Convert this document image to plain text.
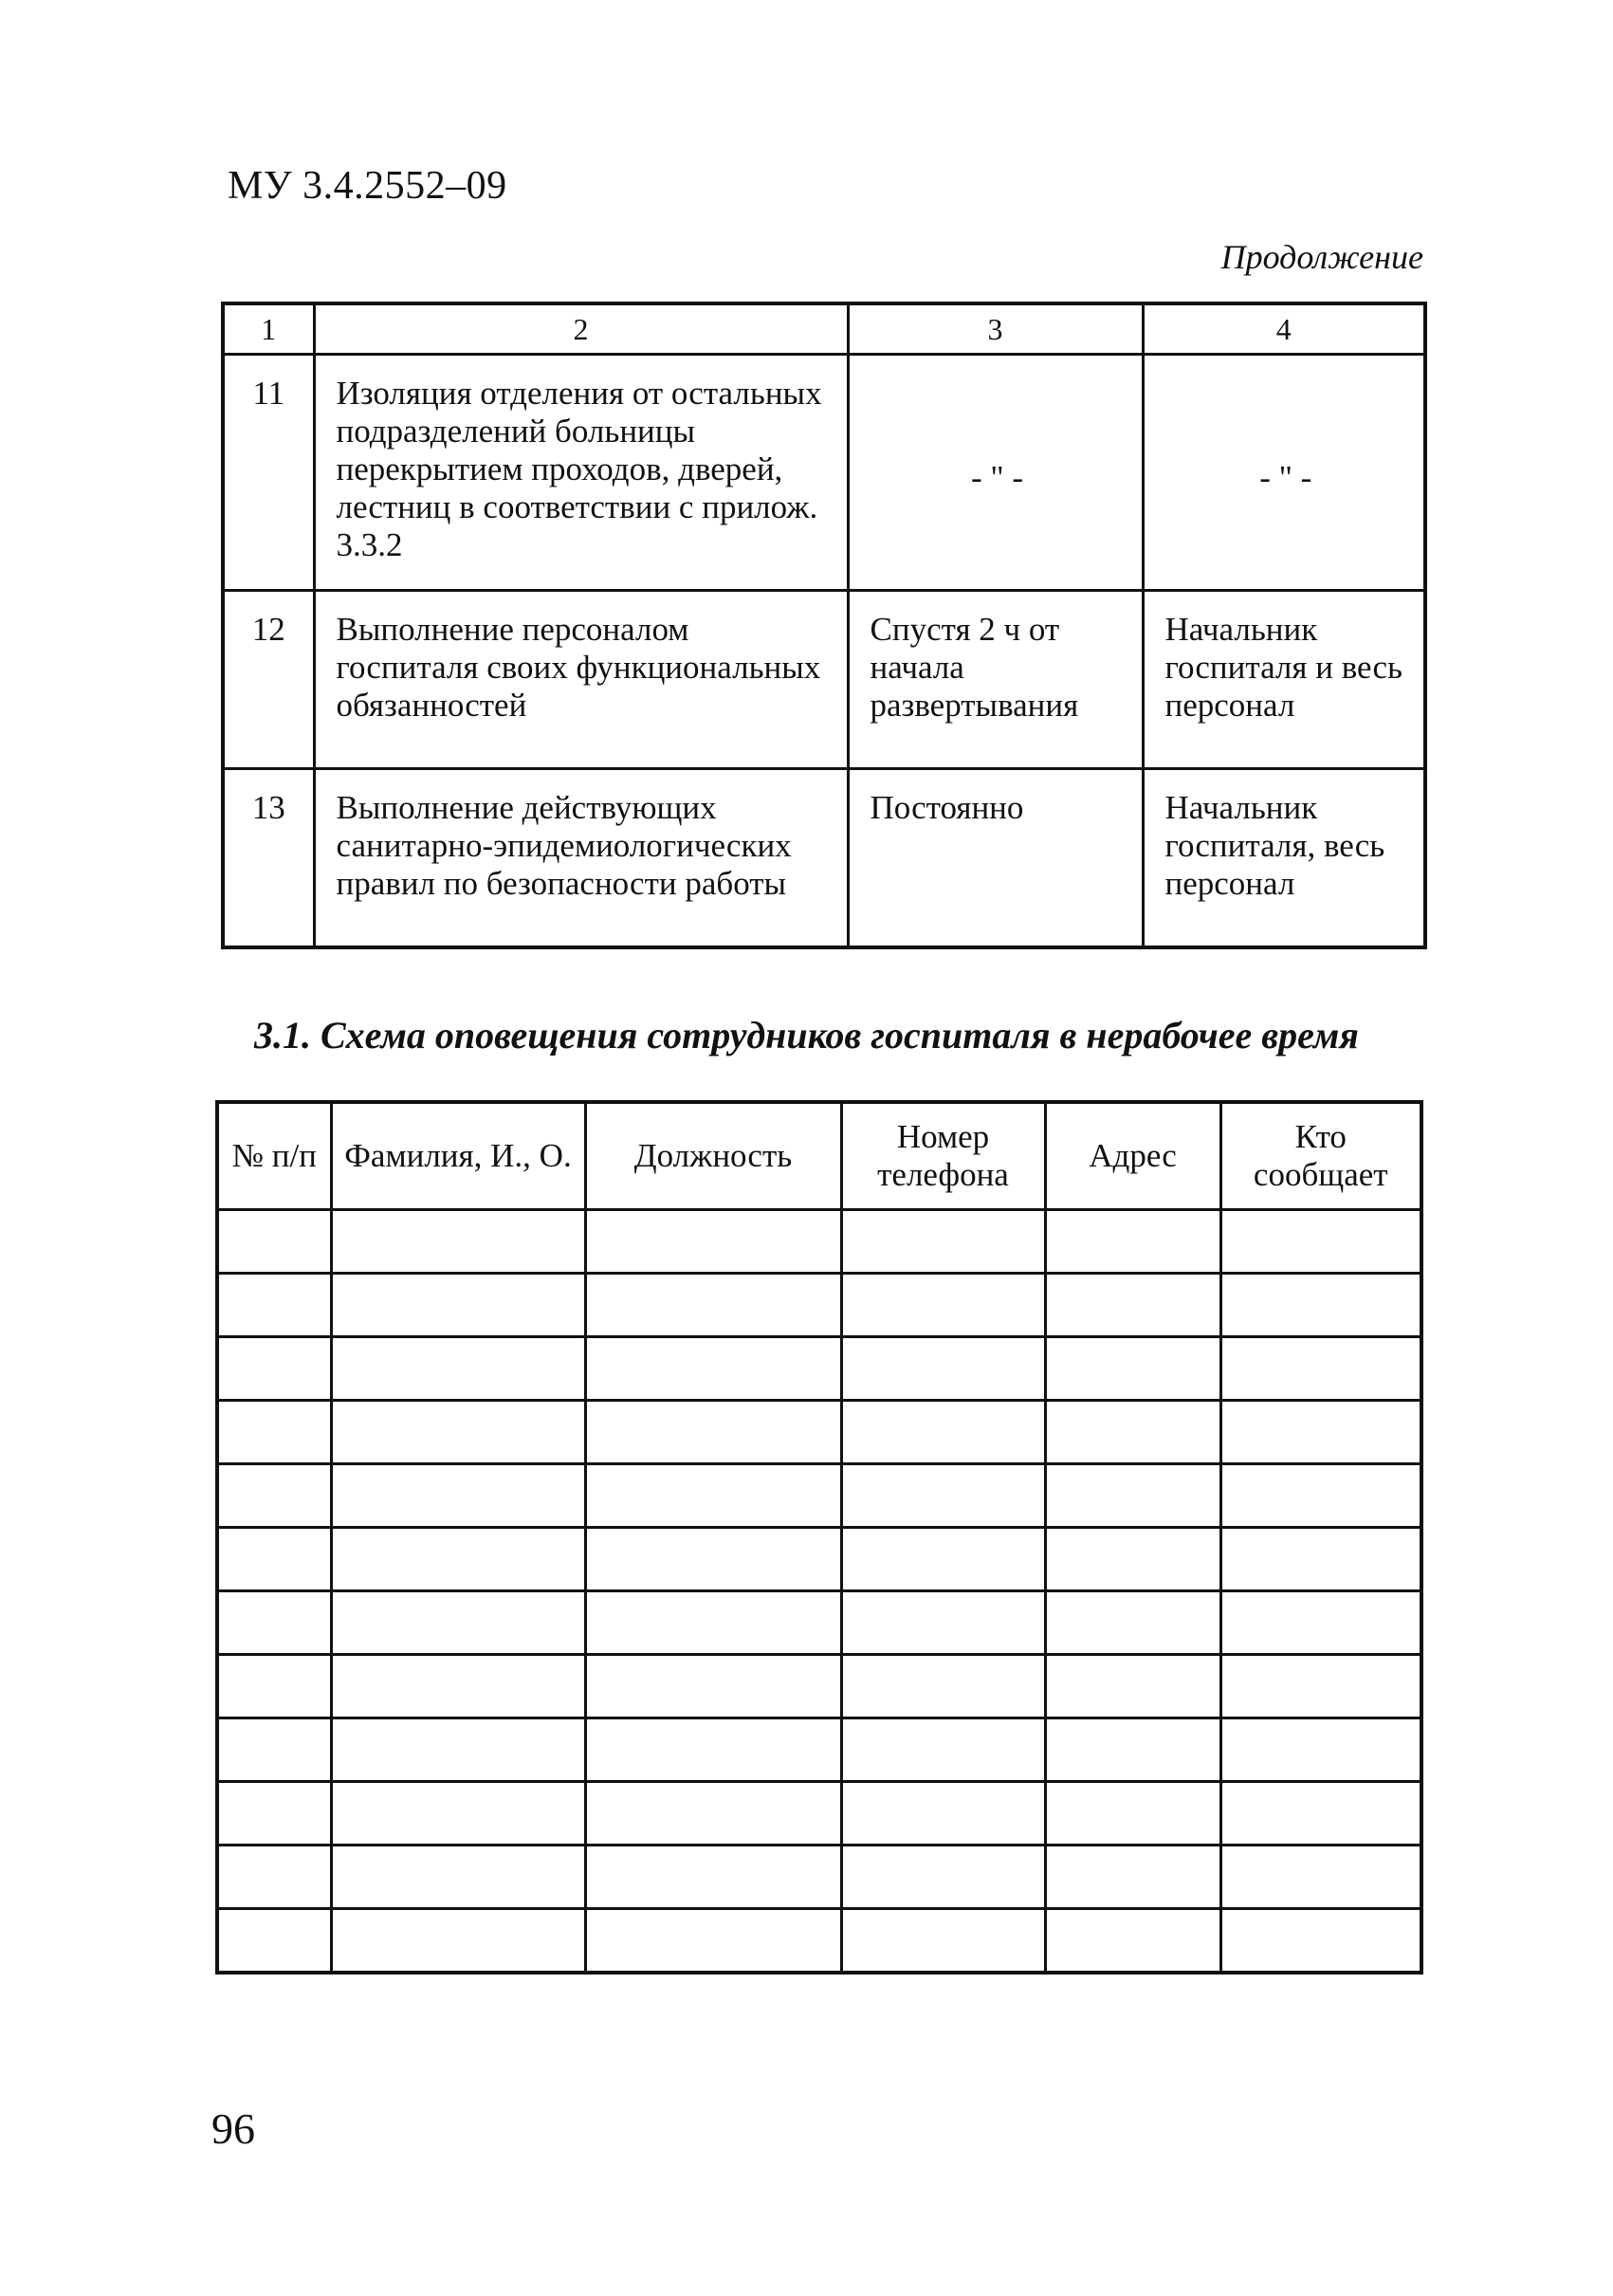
МУ 3.4.2552–09
Продолжение
1	2	3	4
11	Изоляция отделения от остальных подразделений больницы перекрытием проходов, дверей, лестниц в соответствии с прилож. 3.3.2	- " -	- " -
12	Выполнение персоналом госпиталя своих функциональных обязанностей	Спустя 2 ч от начала развертывания	Начальник госпиталя и весь персонал
13	Выполнение действующих санитарно-эпидемиологических правил по безопасности работы	Постоянно	Начальник госпиталя, весь персонал
3.1. Схема оповещения сотрудников госпиталя в нерабочее время
№ п/п	Фамилия, И., О.	Должность	Номер телефона	Адрес	Кто сообщает

96
